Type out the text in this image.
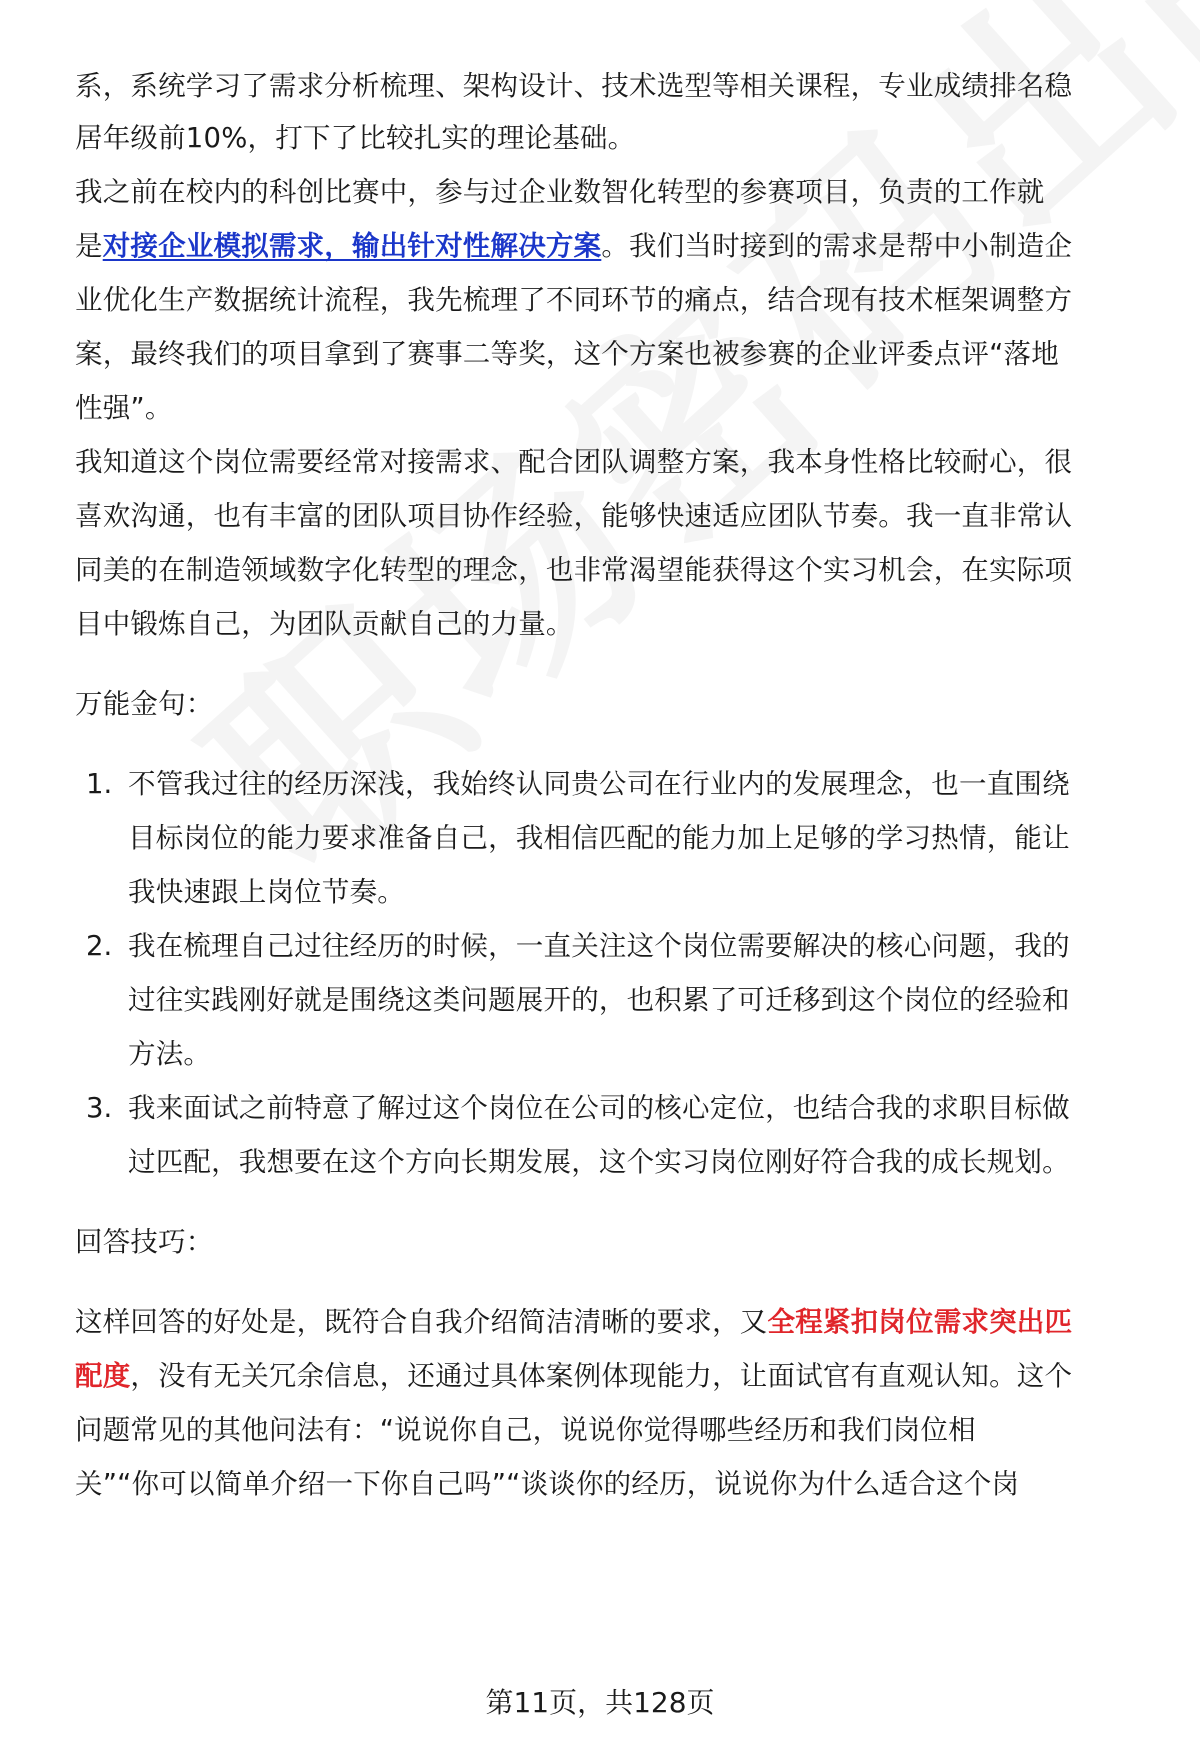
系，系统学习了需求分析梳理、架构设计、技术选型等相关课程，专业成绩排名稳
居年级前10%，打下了比较扎实的理论基础。
我之前在校内的科创比赛中，参与过企业数智化转型的参赛项目，负责的工作就
是对接企业模拟需求，输出针对性解决方案。我们当时接到的需求是帮中小制造企
业优化生产数据统计流程，我先梳理了不同环节的痛点，结合现有技术框架调整方
案，最终我们的项目拿到了赛事二等奖，这个方案也被参赛的企业评委点评“落地
性强”。
我知道这个岗位需要经常对接需求、配合团队调整方案，我本身性格比较耐心，很
喜欢沟通，也有丰富的团队项目协作经验，能够快速适应团队节奏。我一直非常认
同美的在制造领域数字化转型的理念，也非常渴望能获得这个实习机会，在实际项
目中锻炼自己，为团队贡献自己的力量。
万能金句：
1. 不管我过往的经历深浅，我始终认同贵公司在行业内的发展理念，也一直围绕
目标岗位的能力要求准备自己，我相信匹配的能力加上足够的学习热情，能让
我快速跟上岗位节奏。
2. 我在梳理自己过往经历的时候，一直关注这个岗位需要解决的核心问题，我的
过往实践刚好就是围绕这类问题展开的，也积累了可迁移到这个岗位的经验和
方法。
3. 我来面试之前特意了解过这个岗位在公司的核心定位，也结合我的求职目标做
过匹配，我想要在这个方向长期发展，这个实习岗位刚好符合我的成长规划。
回答技巧：
这样回答的好处是，既符合自我介绍简洁清晰的要求，又全程紧扣岗位需求突出匹
配度，没有无关冗余信息，还通过具体案例体现能力，让面试官有直观认知。这个
问题常见的其他问法有：“说说你自己，说说你觉得哪些经历和我们岗位相
关”“你可以简单介绍一下你自己吗”“谈谈你的经历，说说你为什么适合这个岗
第11页，共128页
